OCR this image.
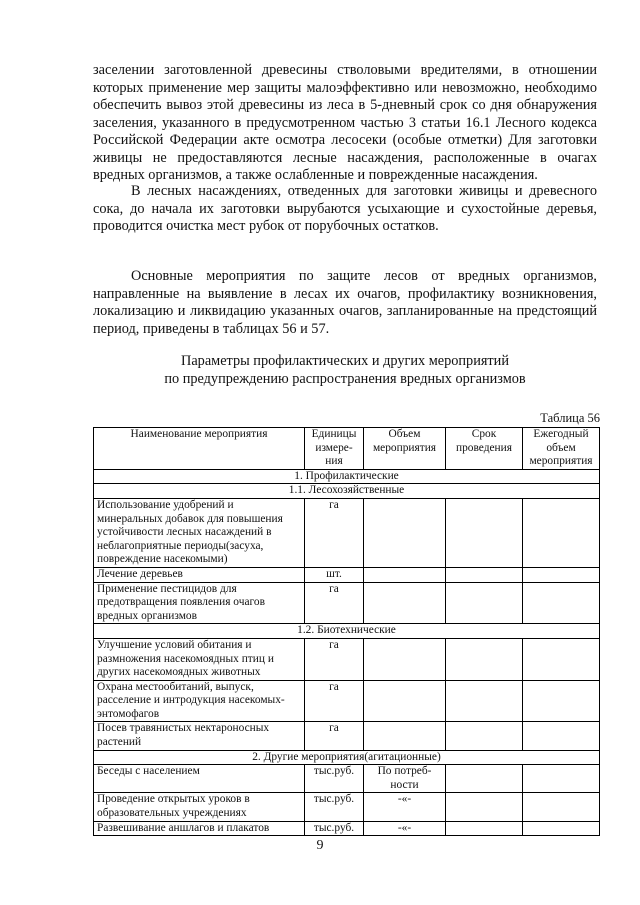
заселении заготовленной древесины стволовыми вредителями, в отношении которых применение мер защиты малоэффективно или невозможно, необходимо обеспечить вывоз этой древесины из леса в 5-дневный срок со дня обнаружения заселения, указанного в предусмотренном частью 3 статьи 16.1 Лесного кодекса Российской Федерации акте осмотра лесосеки (особые отметки) Для заготовки живицы не предоставляются лесные насаждения, расположенные в очагах вредных организмов, а также ослабленные и поврежденные насаждения.

В лесных насаждениях, отведенных для заготовки живицы и древесного сока, до начала их заготовки вырубаются усыхающие и сухостойные деревья, проводится очистка мест рубок от порубочных остатков.

Основные мероприятия по защите лесов от вредных организмов, направленные на выявление в лесах их очагов, профилактику возникновения, локализацию и ликвидацию указанных очагов, запланированные на предстоящий период, приведены в таблицах 56 и 57.

Параметры профилактических и других мероприятий
по предупреждению распространения вредных организмов
Таблица 56
Наименование мероприятия	Единицы измере-ния	Объем мероприятия	Срок проведения	Ежегодный объем мероприятия
1. Профилактические				
1.1. Лесохозяйственные				
Использование удобрений и минеральных добавок для повышения устойчивости лесных насаждений в неблагоприятные периоды(засуха, повреждение насекомыми)	га			
Лечение деревьев	шт.			
Применение пестицидов для предотвращения появления очагов вредных организмов	га			
1.2. Биотехнические				
Улучшение условий обитания и размножения насекомоядных птиц и других насекомоядных животных	га			
Охрана местообитаний, выпуск, расселение и интродукция насекомых-энтомофагов	га			
Посев травянистых нектароносных растений	га			
2. Другие мероприятия(агитационные)				
Беседы с населением	тыс.руб.	По потреб-ности		
Проведение открытых уроков в образовательных учреждениях	тыс.руб.	-«-		
Развешивание аншлагов и плакатов	тыс.руб.	-«-		
9
